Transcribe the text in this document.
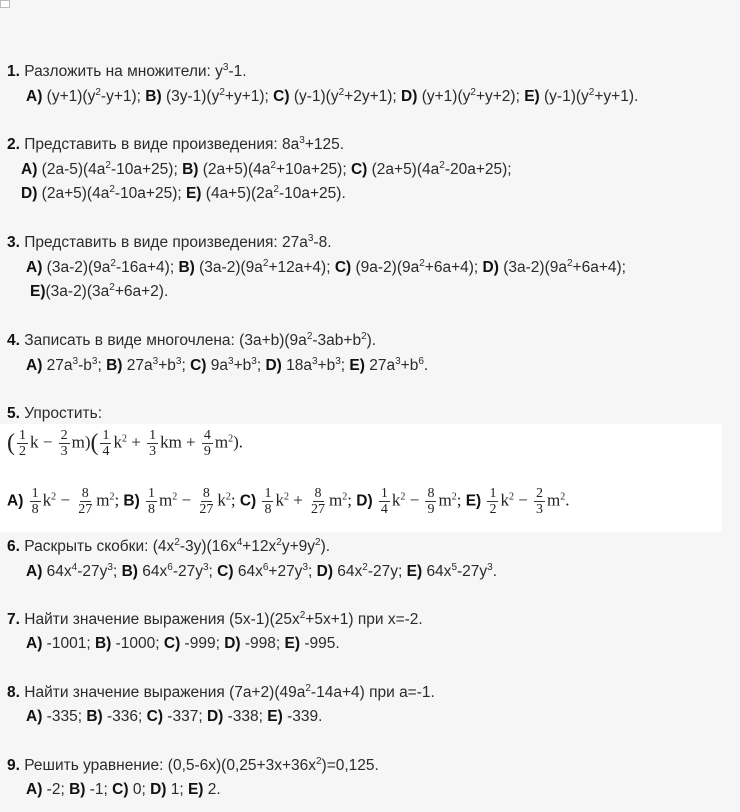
1. Разложить на множители: $y^3-1$.
A) $(y+1)(y^2-y+1)$; B) $(3y-1)(y^2+y+1)$; C) $(y-1)(y^2+2y+1)$; D) $(y+1)(y^2+y+2)$; E) $(y-1)(y^2+y+1)$.
2. Представить в виде произведения: $8a^3+125$.
A) $(2a-5)(4a^2-10a+25)$; B) $(2a+5)(4a^2+10a+25)$; C) $(2a+5)(4a^2-20a+25)$;
D) $(2a+5)(4a^2-10a+25)$; E) $(4a+5)(2a^2-10a+25)$.
3. Представить в виде произведения: $27a^3-8$.
A) $(3a-2)(9a^2-16a+4)$; B) $(3a-2)(9a^2+12a+4)$; C) $(9a-2)(9a^2+6a+4)$; D) $(3a-2)(9a^2+6a+4)$;
$E)(3a-2)(3a^2+6a+2)$.
4. Записать в виде многочлена: $(3a+b)(9a^2-3ab+b^2)$.
A) $27a^3-b^3$; B) $27a^3+b^3$; C) $9a^3+b^3$; D) $18a^3+b^3$; E) $27a^3+b^6$.
5. Упростить:
( $\frac{1}{2}$ $k - \frac{2}{3} m)( \frac{1}{4} k^2 + \frac{1}{3}$ km + $\frac{4}{9} m^2$).
$A) \frac{1}{8} k^2 - \frac{8}{27} m^2$; $B) \frac{1}{8} m^2 - \frac{8}{27} k^2$; $C) \frac{1}{8} k^2 + \frac{8}{27} m^2$; $D) \frac{1}{4} k^2 - \frac{8}{9} m^2$; $E) \frac{1}{2} k^2 - \frac{2}{3} m^2$.
6. Раскрыть скобки: $(4x^2-3y)(16x^4+12x^2y+9y^2)$.
A) $64x^4-27y^3$; B) $64x^6-27y^3$; C) $64x^6+27y^3$; D) $64x^2-27y$; E) $64x^5-27y^3$.
7. Найти значение выражения $(5x-1)(25x^2+5x+1)$ при x=-2.
A) -1001; B) -1000; C) -999; D) -998; E) -995.
8. Найти значение выражения $(7a+2)(49a^2-14a+4)$ при a=-1.
A) -335; B) -336; C) -337; D) -338; E) -339.
9. Решить уравнение: $(0,5-6x)(0,25+3x+36x^2)=0,125$.
A) -2; B) -1; C) 0; D) 1; E) 2.
